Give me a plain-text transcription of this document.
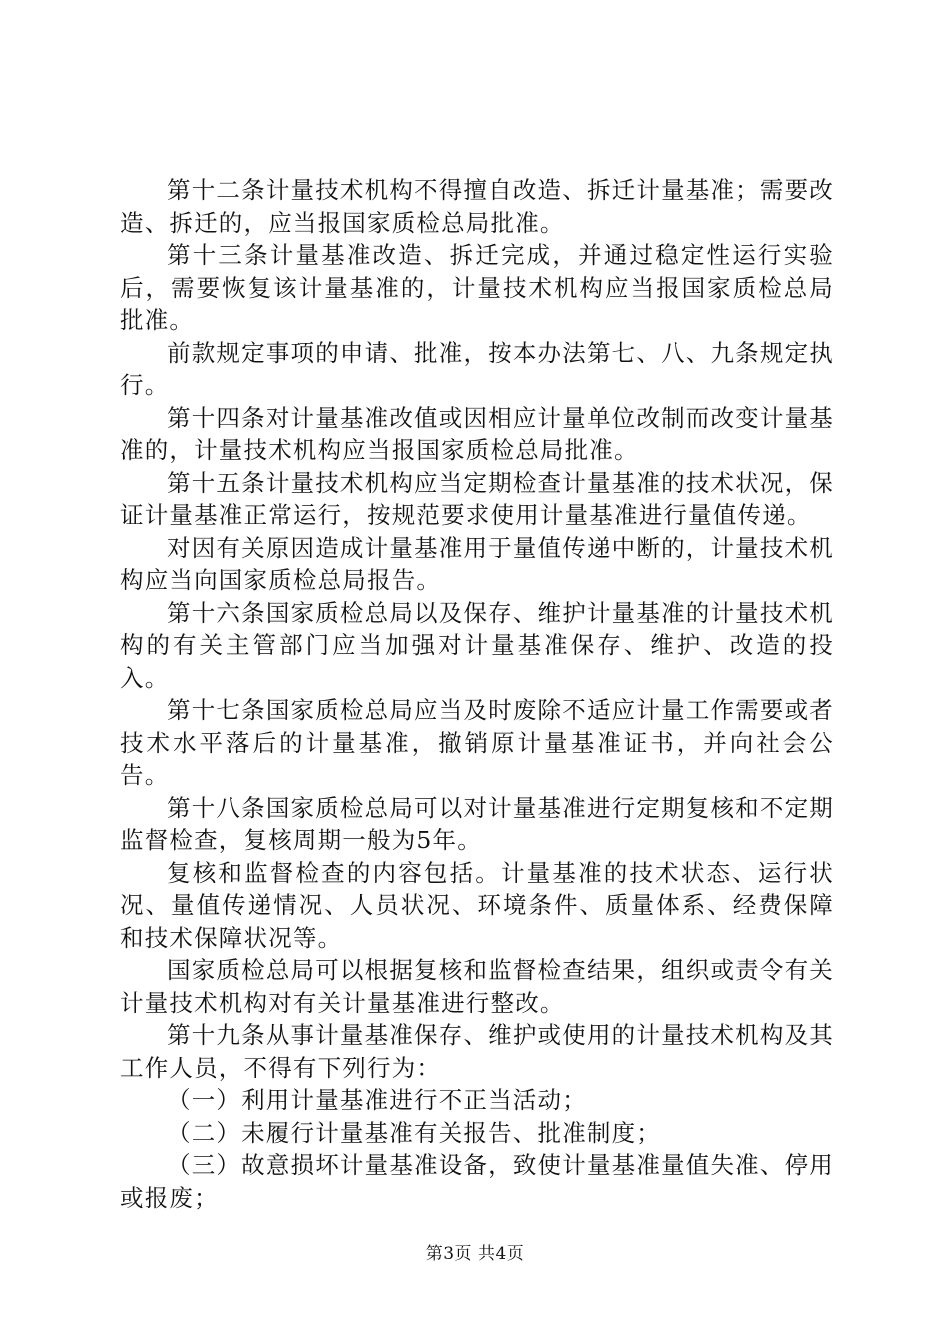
第十二条计量技术机构不得擅自改造、拆迁计量基准；需要改造、拆迁的，应当报国家质检总局批准。

第十三条计量基准改造、拆迁完成，并通过稳定性运行实验后，需要恢复该计量基准的，计量技术机构应当报国家质检总局批准。

前款规定事项的申请、批准，按本办法第七、八、九条规定执行。

第十四条对计量基准改值或因相应计量单位改制而改变计量基准的，计量技术机构应当报国家质检总局批准。

第十五条计量技术机构应当定期检查计量基准的技术状况，保证计量基准正常运行，按规范要求使用计量基准进行量值传递。

对因有关原因造成计量基准用于量值传递中断的，计量技术机构应当向国家质检总局报告。

第十六条国家质检总局以及保存、维护计量基准的计量技术机构的有关主管部门应当加强对计量基准保存、维护、改造的投入。

第十七条国家质检总局应当及时废除不适应计量工作需要或者技术水平落后的计量基准，撤销原计量基准证书，并向社会公告。

第十八条国家质检总局可以对计量基准进行定期复核和不定期监督检查，复核周期一般为5年。

复核和监督检查的内容包括。计量基准的技术状态、运行状况、量值传递情况、人员状况、环境条件、质量体系、经费保障和技术保障状况等。

国家质检总局可以根据复核和监督检查结果，组织或责令有关计量技术机构对有关计量基准进行整改。

第十九条从事计量基准保存、维护或使用的计量技术机构及其工作人员，不得有下列行为：

（一）利用计量基准进行不正当活动；

（二）未履行计量基准有关报告、批准制度；

（三）故意损坏计量基准设备，致使计量基准量值失准、停用或报废；

第3页 共4页
